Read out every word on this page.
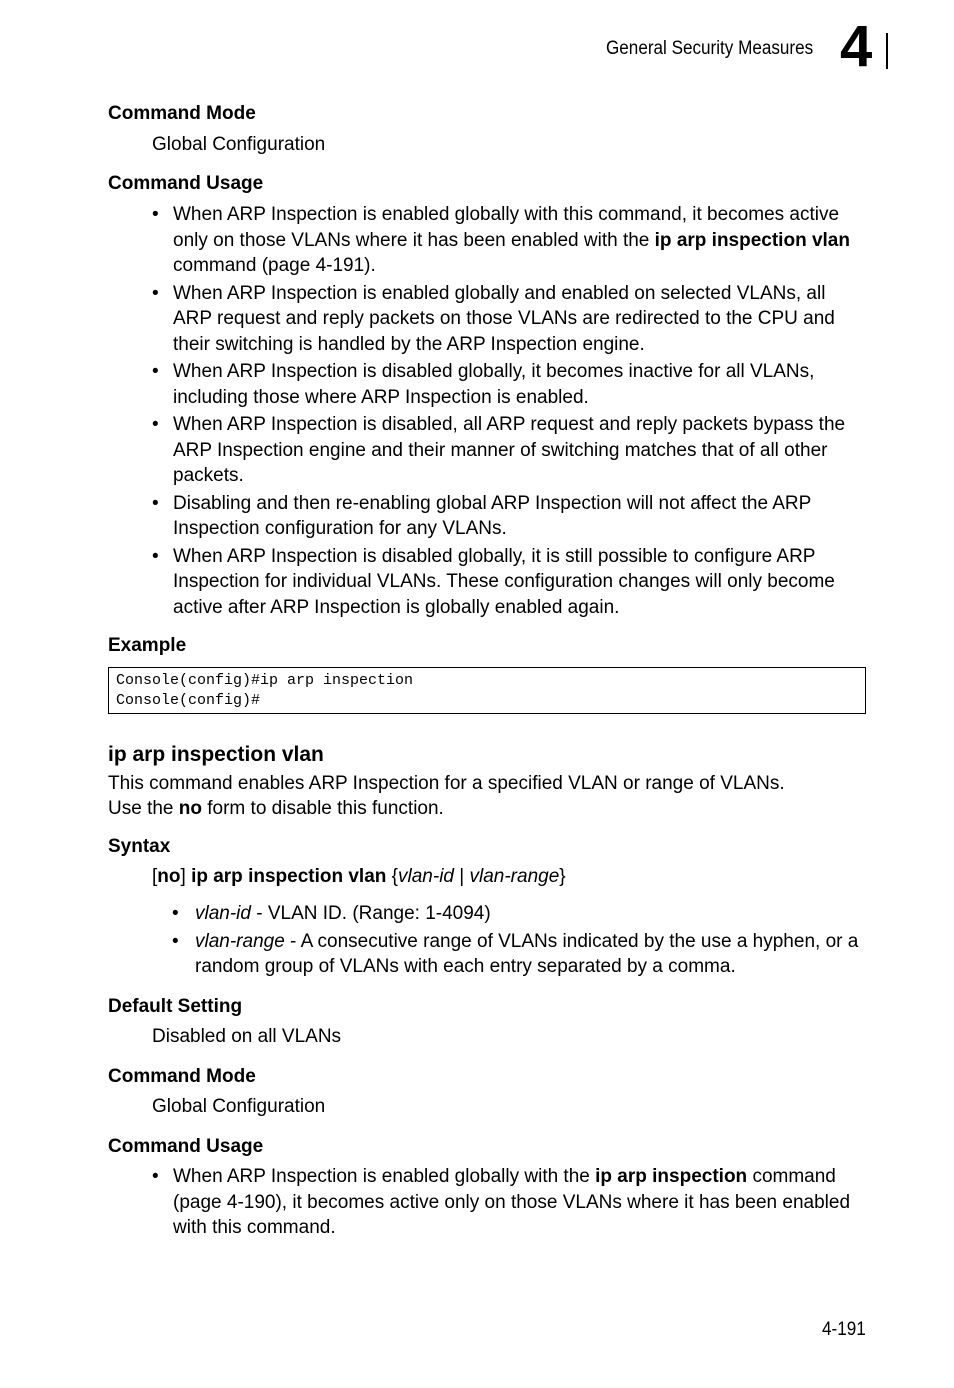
General Security Measures 4
Command Mode
Global Configuration
Command Usage
• When ARP Inspection is enabled globally with this command, it becomes active only on those VLANs where it has been enabled with the ip arp inspection vlan command (page 4-191).
• When ARP Inspection is enabled globally and enabled on selected VLANs, all ARP request and reply packets on those VLANs are redirected to the CPU and their switching is handled by the ARP Inspection engine.
• When ARP Inspection is disabled globally, it becomes inactive for all VLANs, including those where ARP Inspection is enabled.
• When ARP Inspection is disabled, all ARP request and reply packets bypass the ARP Inspection engine and their manner of switching matches that of all other packets.
• Disabling and then re-enabling global ARP Inspection will not affect the ARP Inspection configuration for any VLANs.
• When ARP Inspection is disabled globally, it is still possible to configure ARP Inspection for individual VLANs. These configuration changes will only become active after ARP Inspection is globally enabled again.
Example
Console(config)#ip arp inspection
Console(config)#
ip arp inspection vlan
This command enables ARP Inspection for a specified VLAN or range of VLANs.
Use the no form to disable this function.
Syntax
[no] ip arp inspection vlan {vlan-id | vlan-range}
• vlan-id - VLAN ID. (Range: 1-4094)
• vlan-range - A consecutive range of VLANs indicated by the use a hyphen, or a random group of VLANs with each entry separated by a comma.
Default Setting
Disabled on all VLANs
Command Mode
Global Configuration
Command Usage
• When ARP Inspection is enabled globally with the ip arp inspection command (page 4-190), it becomes active only on those VLANs where it has been enabled with this command.
4-191
